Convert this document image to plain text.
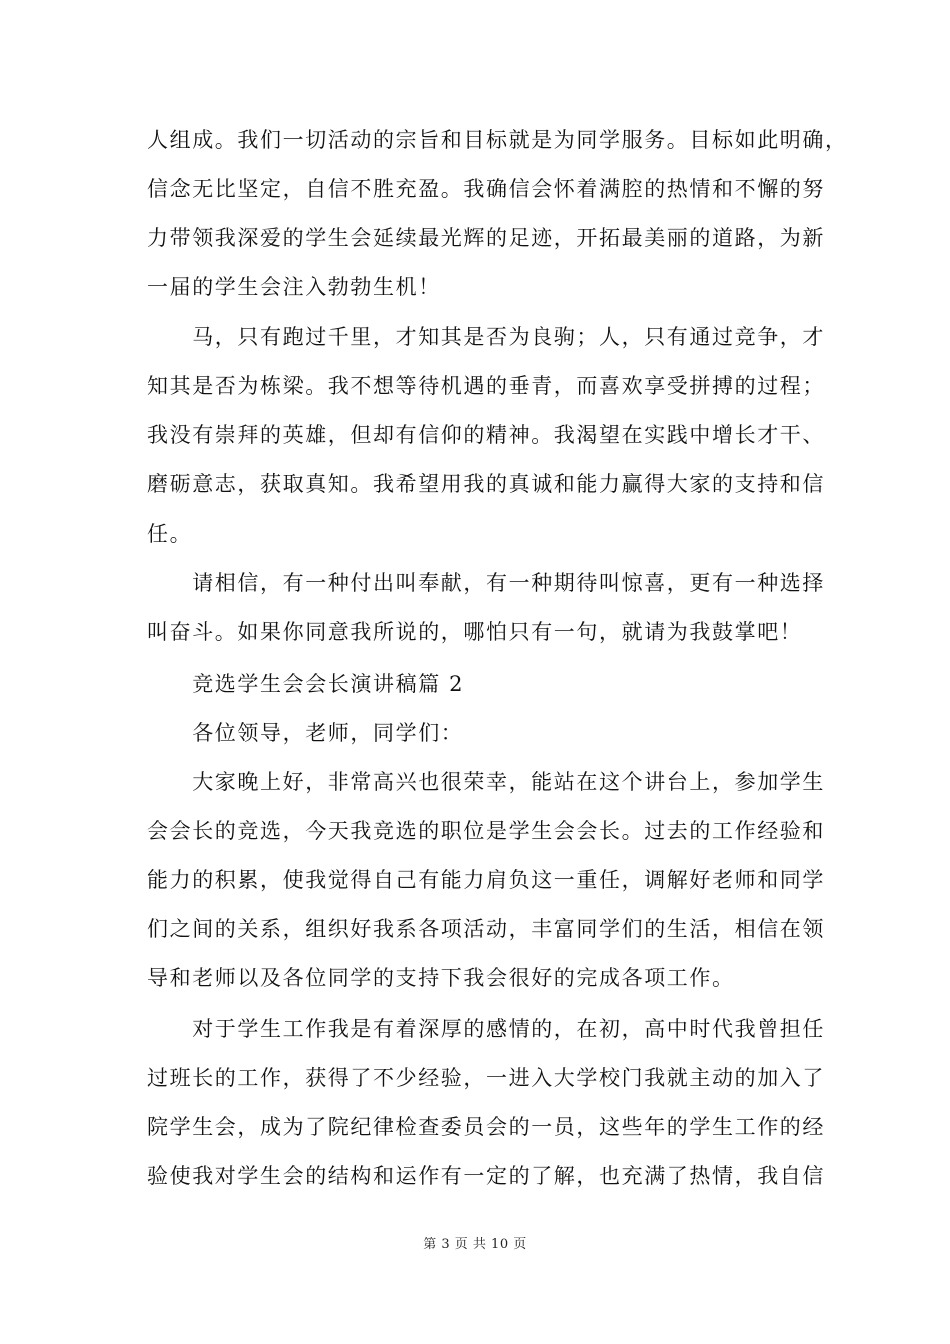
人组成。我们一切活动的宗旨和目标就是为同学服务。目标如此明确，
信念无比坚定，自信不胜充盈。我确信会怀着满腔的热情和不懈的努
力带领我深爱的学生会延续最光辉的足迹，开拓最美丽的道路，为新
一届的学生会注入勃勃生机！
　　马，只有跑过千里，才知其是否为良驹；人，只有通过竞争，才
知其是否为栋梁。我不想等待机遇的垂青，而喜欢享受拼搏的过程；
我没有崇拜的英雄，但却有信仰的精神。我渴望在实践中增长才干、
磨砺意志，获取真知。我希望用我的真诚和能力赢得大家的支持和信
任。
　　请相信，有一种付出叫奉献，有一种期待叫惊喜，更有一种选择
叫奋斗。如果你同意我所说的，哪怕只有一句，就请为我鼓掌吧！
　　竞选学生会会长演讲稿篇 2
　　各位领导，老师，同学们：
　　大家晚上好，非常高兴也很荣幸，能站在这个讲台上，参加学生
会会长的竞选，今天我竞选的职位是学生会会长。过去的工作经验和
能力的积累，使我觉得自己有能力肩负这一重任，调解好老师和同学
们之间的关系，组织好我系各项活动，丰富同学们的生活，相信在领
导和老师以及各位同学的支持下我会很好的完成各项工作。
　　对于学生工作我是有着深厚的感情的，在初，高中时代我曾担任
过班长的工作，获得了不少经验，一进入大学校门我就主动的加入了
院学生会，成为了院纪律检查委员会的一员，这些年的学生工作的经
验使我对学生会的结构和运作有一定的了解，也充满了热情，我自信
第 3 页 共 10 页
